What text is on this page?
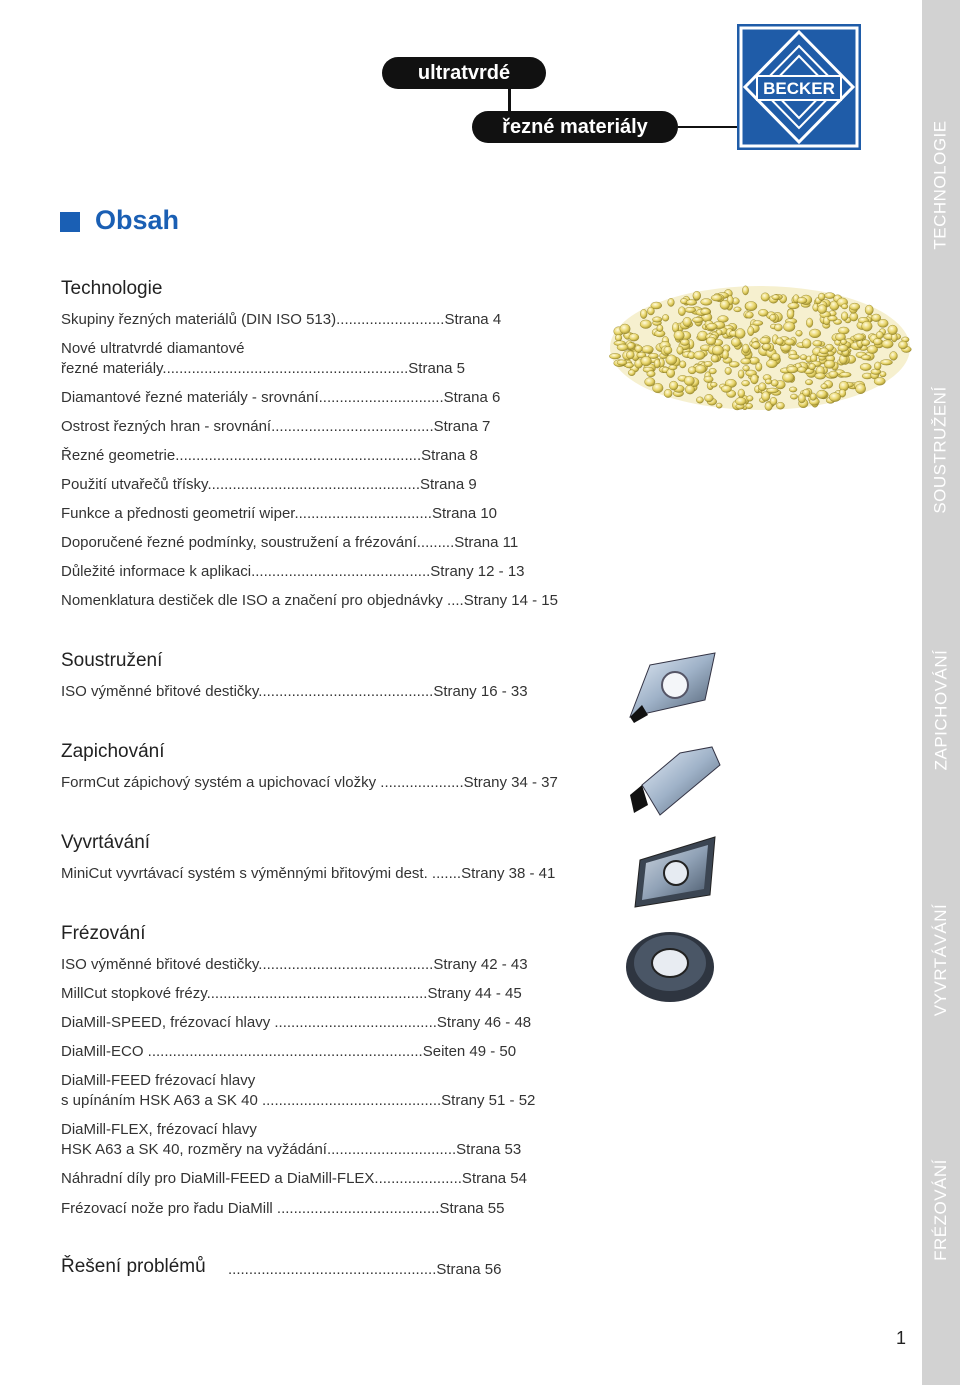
TECHNOLOGIE
SOUSTRUŽENÍ
ZAPICHOVÁNÍ
VYVRTÁVÁNÍ
FRÉZOVÁNÍ
ultratvrdé
řezné materiály
BECKER
Obsah
Technologie
Skupiny řezných materiálů (DIN ISO 513)..........................Strana 4
Nové ultratvrdé diamantové
řezné materiály...........................................................Strana 5
Diamantové řezné materiály - srovnání..............................Strana 6
Ostrost řezných hran - srovnání.......................................Strana 7
Řezné geometrie...........................................................Strana 8
Použití utvařečů třísky...................................................Strana 9
Funkce a přednosti geometrií wiper.................................Strana 10
Doporučené řezné podmínky, soustružení a frézování.........Strana 11
Důležité informace k aplikaci...........................................Strany 12 - 13
Nomenklatura destiček dle ISO a značení pro objednávky ....Strany 14 - 15
Soustružení
ISO výměnné břitové destičky..........................................Strany 16 - 33
Zapichování
FormCut zápichový systém a upichovací vložky ....................Strany 34 - 37
Vyvrtávání
MiniCut vyvrtávací systém s výměnnými břitovými dest. .......Strany 38 - 41
Frézování
ISO výměnné břitové destičky..........................................Strany 42 - 43
MillCut stopkové frézy.....................................................Strany 44 - 45
DiaMill-SPEED, frézovací hlavy .......................................Strany 46 - 48
DiaMill-ECO ..................................................................Seiten 49 - 50
DiaMill-FEED frézovací hlavy
s upínáním HSK A63 a SK 40 ...........................................Strany 51 - 52
DiaMill-FLEX, frézovací hlavy
HSK A63 a SK 40, rozměry na vyžádání...............................Strana 53
Náhradní díly pro DiaMill-FEED a DiaMill-FLEX.....................Strana 54
Frézovací nože pro řadu DiaMill .......................................Strana 55
Řešení problémů ..................................................Strana 56
1
